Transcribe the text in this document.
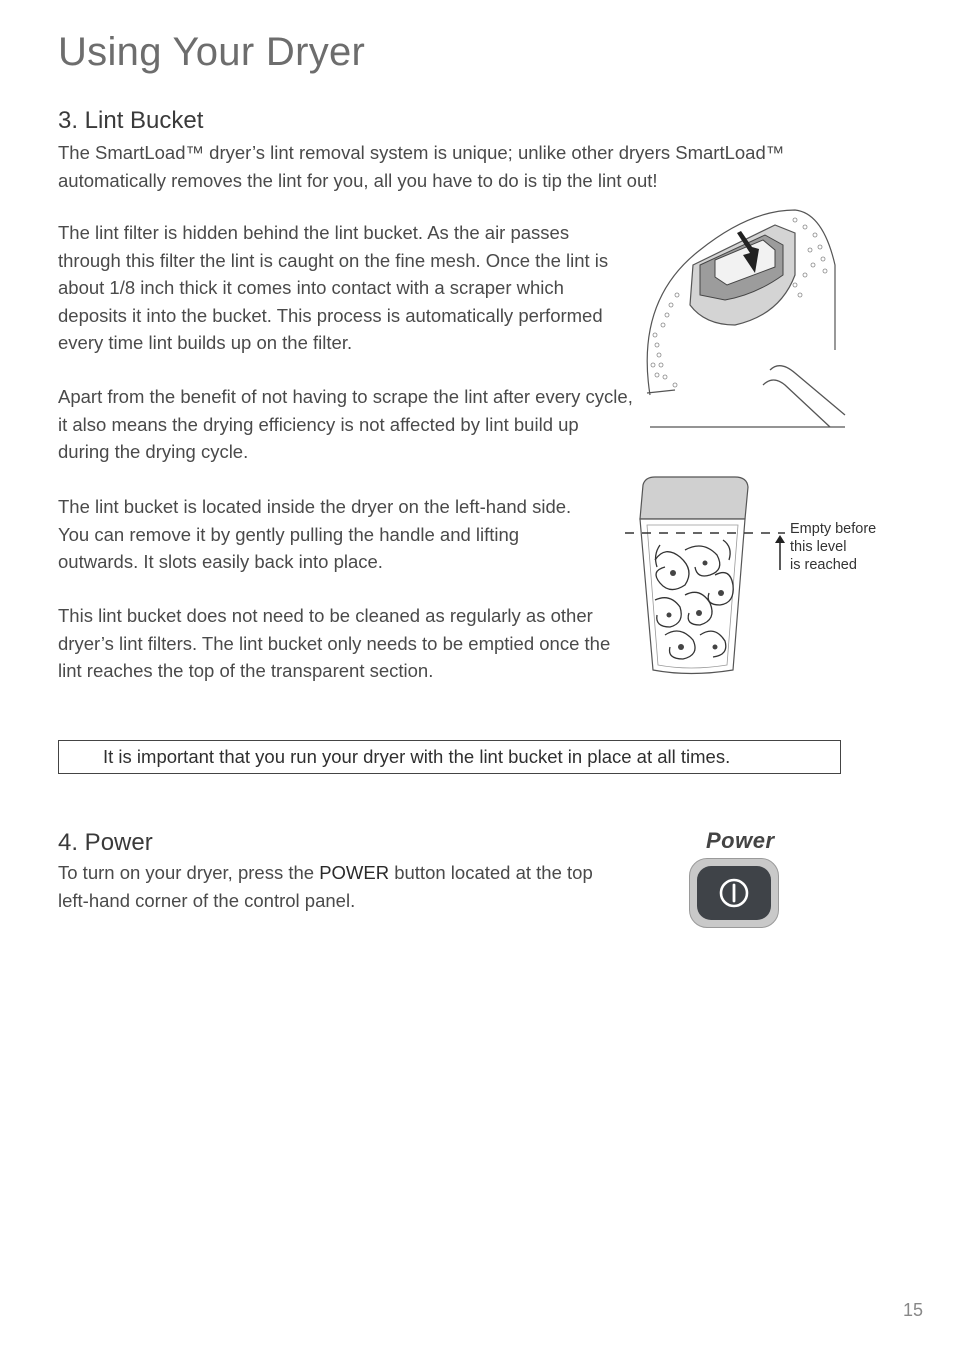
Using Your Dryer
3. Lint Bucket

The SmartLoad™ dryer’s lint removal system is unique; unlike other dryers SmartLoad™ automatically removes the lint for you, all you have to do is tip the lint out!

The lint filter is hidden behind the lint bucket. As the air passes through this filter the lint is caught on the fine mesh. Once the lint is about 1/8 inch thick it comes into contact with a scraper which deposits it into the bucket. This process is automatically performed every time lint builds up on the filter.

Apart from the benefit of not having to scrape the lint after every cycle, it also means the drying efficiency is not affected by lint build up during the drying cycle.

The lint bucket is located inside the dryer on the left-hand side. You can remove it by gently pulling the handle and lifting outwards. It slots easily back into place.

This lint bucket does not need to be cleaned as regularly as other dryer’s lint filters. The lint bucket only needs to be emptied once the lint reaches the top of the transparent section.

Empty before
this level
is reached
It is important that you run your dryer with the lint bucket in place at all times.
4. Power

To turn on your dryer, press the POWER button located at the top left-hand corner of the control panel.

Power
15
